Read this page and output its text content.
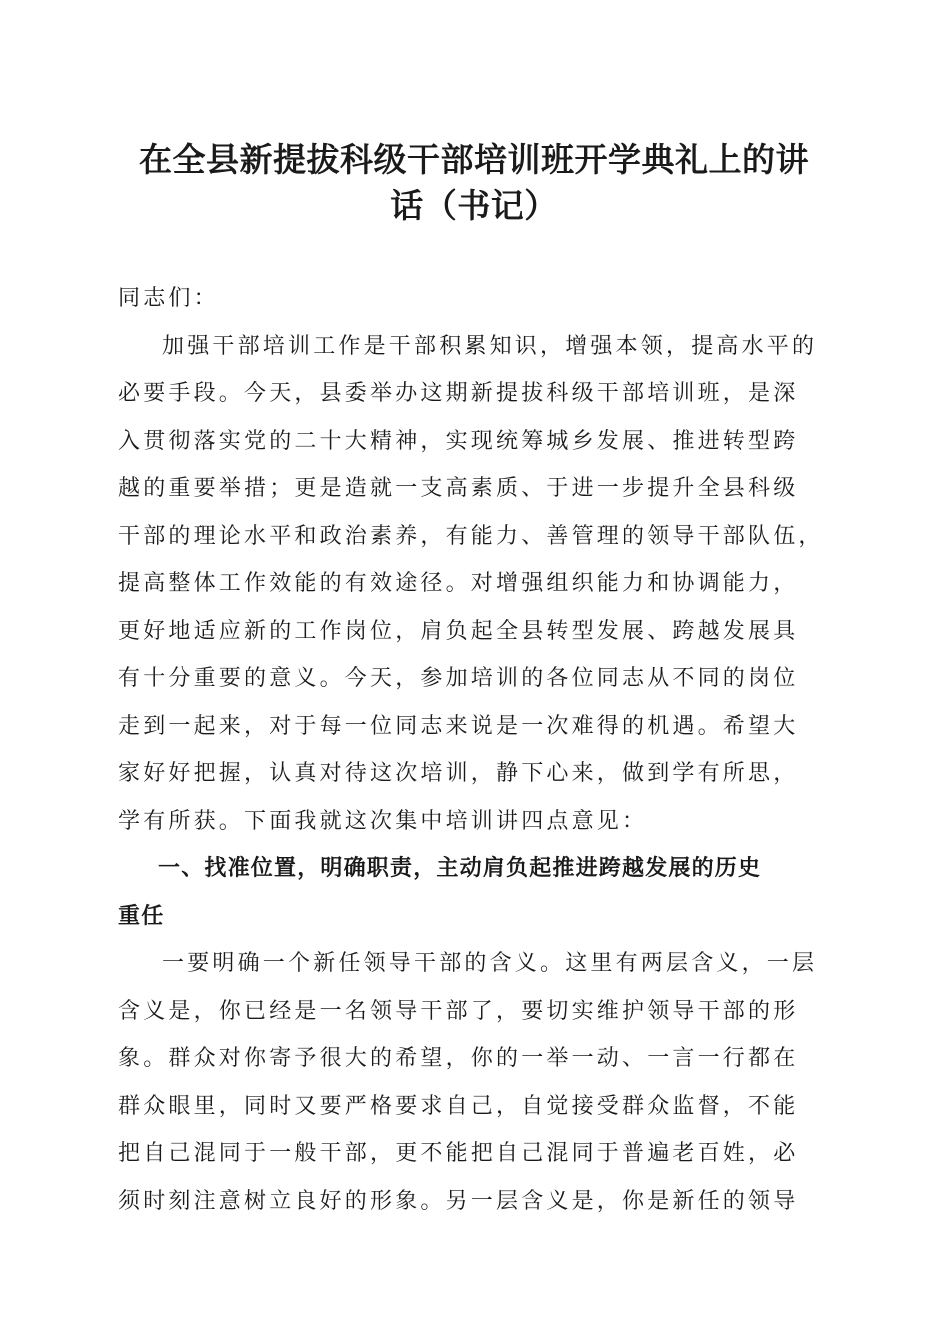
在全县新提拔科级干部培训班开学典礼上的讲
话（书记）

同志们：

加强干部培训工作是干部积累知识，增强本领，提高水平的
必要手段。今天，县委举办这期新提拔科级干部培训班，是深
入贯彻落实党的二十大精神，实现统筹城乡发展、推进转型跨
越的重要举措；更是造就一支高素质、于进一步提升全县科级
干部的理论水平和政治素养，有能力、善管理的领导干部队伍，
提高整体工作效能的有效途径。对增强组织能力和协调能力，
更好地适应新的工作岗位，肩负起全县转型发展、跨越发展具
有十分重要的意义。今天，参加培训的各位同志从不同的岗位
走到一起来，对于每一位同志来说是一次难得的机遇。希望大
家好好把握，认真对待这次培训，静下心来，做到学有所思，
学有所获。下面我就这次集中培训讲四点意见：

一、找准位置，明确职责，主动肩负起推进跨越发展的历史
重任

一要明确一个新任领导干部的含义。这里有两层含义，一层
含义是，你已经是一名领导干部了，要切实维护领导干部的形
象。群众对你寄予很大的希望，你的一举一动、一言一行都在
群众眼里，同时又要严格要求自己，自觉接受群众监督，不能
把自己混同于一般干部，更不能把自己混同于普遍老百姓，必
须时刻注意树立良好的形象。另一层含义是，你是新任的领导
